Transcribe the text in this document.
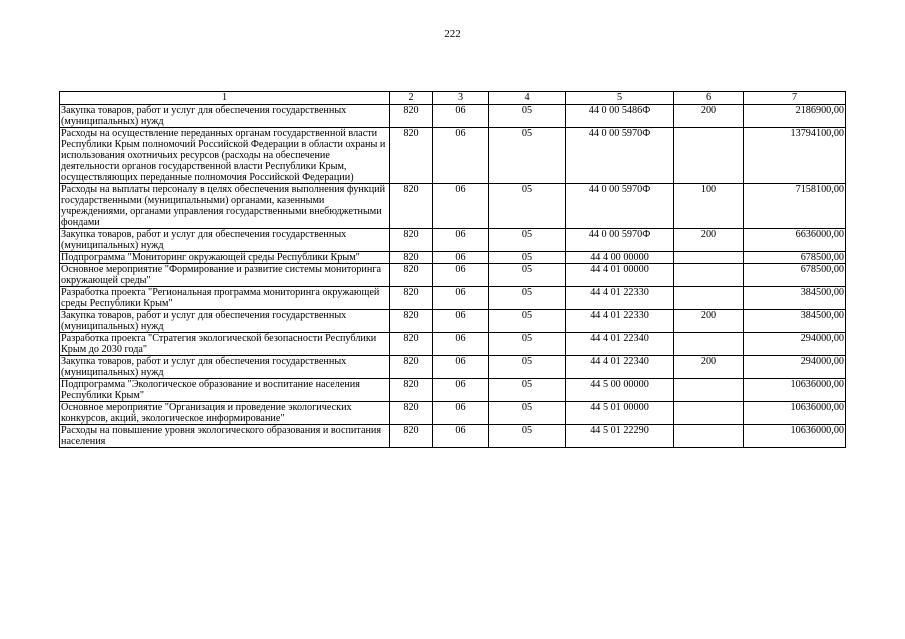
222
1	2	3	4	5	6	7
Закупка товаров, работ и услуг для обеспечения государственных (муниципальных) нужд	820	06	05	44 0 00 5486Ф	200	2186900,00
Расходы на осуществление переданных органам государственной власти Республики Крым полномочий Российской Федерации в области охраны и использования охотничьих ресурсов (расходы на обеспечение деятельности органов государственной власти Республики Крым, осуществляющих переданные полномочия Российской Федерации)	820	06	05	44 0 00 5970Ф		13794100,00
Расходы на выплаты персоналу в целях обеспечения выполнения функций государственными (муниципальными) органами, казенными учреждениями, органами управления государственными внебюджетными фондами	820	06	05	44 0 00 5970Ф	100	7158100,00
Закупка товаров, работ и услуг для обеспечения государственных (муниципальных) нужд	820	06	05	44 0 00 5970Ф	200	6636000,00
Подпрограмма "Мониторинг окружающей среды Республики Крым"	820	06	05	44 4 00 00000		678500,00
Основное мероприятие "Формирование и развитие системы мониторинга окружающей среды"	820	06	05	44 4 01 00000		678500,00
Разработка проекта "Региональная программа мониторинга окружающей среды Республики Крым"	820	06	05	44 4 01 22330		384500,00
Закупка товаров, работ и услуг для обеспечения государственных (муниципальных) нужд	820	06	05	44 4 01 22330	200	384500,00
Разработка проекта "Стратегия экологической безопасности Республики Крым до 2030 года"	820	06	05	44 4 01 22340		294000,00
Закупка товаров, работ и услуг для обеспечения государственных (муниципальных) нужд	820	06	05	44 4 01 22340	200	294000,00
Подпрограмма "Экологическое образование и воспитание населения Республики Крым"	820	06	05	44 5 00 00000		10636000,00
Основное мероприятие "Организация и проведение экологических конкурсов, акций, экологическое информирование"	820	06	05	44 5 01 00000		10636000,00
Расходы на повышение уровня экологического образования и воспитания населения	820	06	05	44 5 01 22290		10636000,00
